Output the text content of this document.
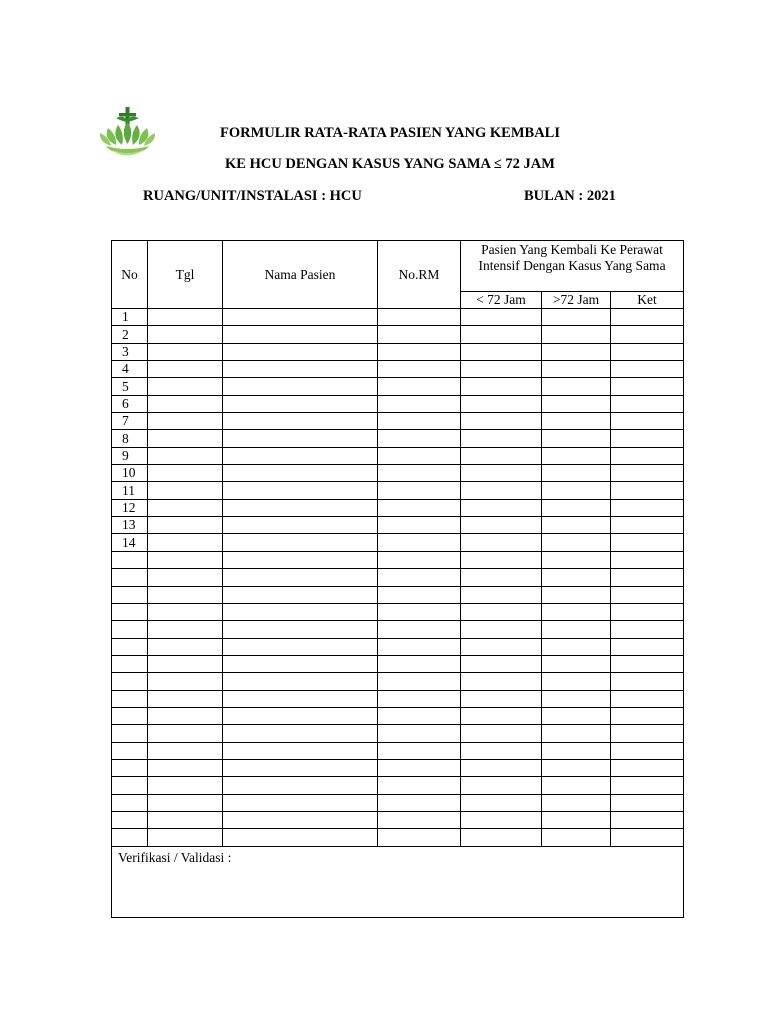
FORMULIR RATA-RATA PASIEN YANG KEMBALI
KE HCU DENGAN KASUS YANG SAMA ≤ 72 JAM
RUANG/UNIT/INSTALASI : HCU	BULAN : 2021
No	Tgl	Nama Pasien	No.RM	Pasien Yang Kembali Ke Perawat Intensif Dengan Kasus Yang Sama		
				< 72 Jam	>72 Jam	Ket
1						
2						
3						
4						
5						
6						
7						
8						
9						
10						
11						
12						
13						
14						

Verifikasi / Validasi :						
